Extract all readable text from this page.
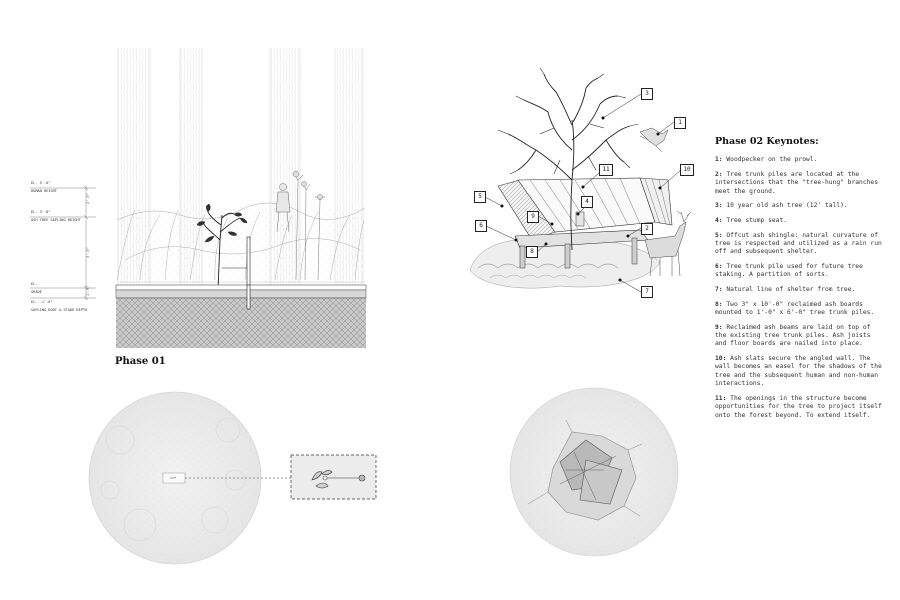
2'-6"
3'-0"
1'-6"
1
2
3
4
5
6
7
8
9
10
11
EL. 5'-6"
HUMAN HEIGHT
EL. 3'-0"
ASH TREE SAPLING HEIGHT
EL.
GRADE
EL. -1'-6"
SAPLING ROOT & STAKE DEPTH
Phase 01
Phase 02 Keynotes:

1: Woodpecker on the prowl.

2: Tree trunk piles are located at the intersections that the "tree-hung" branches meet the ground.

3: 10 year old ash tree (12' tall).

4: Tree stump seat.

5: Offcut ash shingle: natural curvature of tree is respected and utilized as a rain run off and subsequent shelter.

6: Tree trunk pile used for future tree staking. A partition of sorts.

7: Natural line of shelter from tree.

8: Two 3" x 10'-0" reclaimed ash boards mounted to 1'-0" x 6'-0" tree trunk piles.

9: Reclaimed ash beams are laid on top of the existing tree trunk piles. Ash joists and floor boards are nailed into place.

10: Ash slats secure the angled wall. The wall becomes an easel for the shadows of the tree and the subsequent human and non-human interactions.

11: The openings in the structure become opportunities for the tree to project itself onto the forest beyond. To extend itself.
